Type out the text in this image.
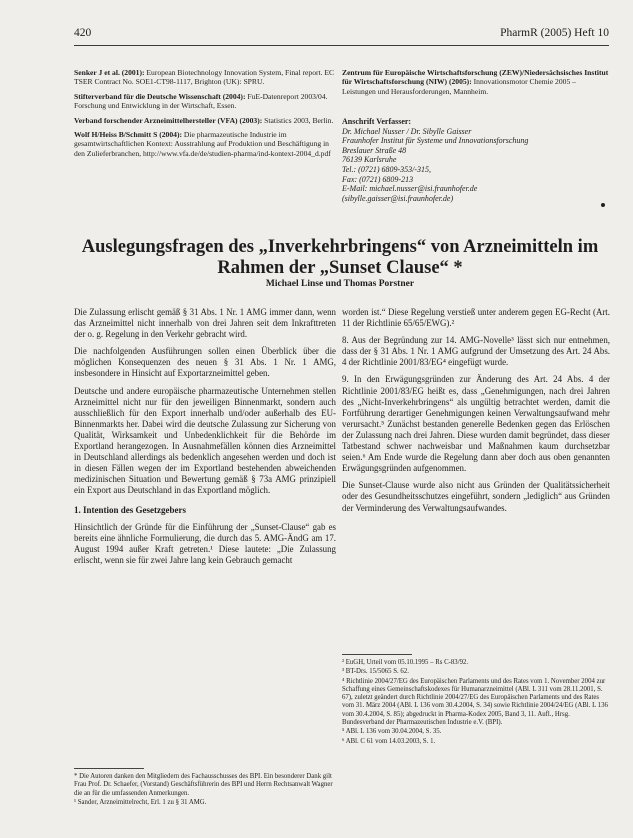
420	PharmR (2005) Heft 10

Senker J et al. (2001): European Biotechnology Innovation System, Final report. EC TSER Contract No. SOE1-CT98-1117, Brighton (UK): SPRU.

Stifterverband für die Deutsche Wissenschaft (2004): FuE-Datenreport 2003/04. Forschung und Entwicklung in der Wirtschaft, Essen.

Verband forschender Arzneimittelhersteller (VFA) (2003): Statistics 2003, Berlin.

Wolf H/Heiss B/Schmitt S (2004): Die pharmazeutische Industrie im gesamtwirtschaftlichen Kontext: Ausstrahlung auf Produktion und Beschäftigung in den Zulieferbranchen, http://www.vfa.de/de/studien-pharma/ind-kontext-2004_d.pdf

Zentrum für Europäische Wirtschaftsforschung (ZEW)/Niedersächsisches Institut für Wirtschaftsforschung (NIW) (2005): Innovationsmotor Chemie 2005 – Leistungen und Herausforderungen, Mannheim.

Anschrift Verfasser:
Dr. Michael Nusser / Dr. Sibylle Gaisser
Fraunhofer Institut für Systeme und Innovationsforschung
Breslauer Straße 48
76139 Karlsruhe
Tel.: (0721) 6809-353/-315,
Fax: (0721) 6809-213
E-Mail: michael.nusser@isi.fraunhofer.de
(sibylle.gaisser@isi.fraunhofer.de)
Auslegungsfragen des „Inverkehrbringens“ von Arzneimitteln im
Rahmen der „Sunset Clause“ *
Michael Linse und Thomas Porstner

Die Zulassung erlischt gemäß § 31 Abs. 1 Nr. 1 AMG immer dann, wenn das Arzneimittel nicht innerhalb von drei Jahren seit dem Inkrafttreten der o. g. Regelung in den Verkehr gebracht wird.

Die nachfolgenden Ausführungen sollen einen Überblick über die möglichen Konsequenzen des neuen § 31 Abs. 1 Nr. 1 AMG, insbesondere in Hinsicht auf Exportarzneimittel geben.

Deutsche und andere europäische pharmazeutische Unternehmen stellen Arzneimittel nicht nur für den jeweiligen Binnenmarkt, sondern auch ausschließlich für den Export innerhalb und/oder außerhalb des EU-Binnenmarkts her. Dabei wird die deutsche Zulassung zur Sicherung von Qualität, Wirksamkeit und Unbedenklichkeit für die Behörde im Exportland herangezogen. In Ausnahmefällen können dies Arzneimittel in Deutschland allerdings als bedenklich angesehen werden und doch ist in diesen Fällen wegen der im Exportland bestehenden abweichenden medizinischen Situation und Bewertung gemäß § 73a AMG prinzipiell ein Export aus Deutschland in das Exportland möglich.

1. Intention des Gesetzgebers

Hinsichtlich der Gründe für die Einführung der „Sunset-Clause“ gab es bereits eine ähnliche Formulierung, die durch das 5. AMG-ÄndG am 17. August 1994 außer Kraft getreten.¹ Diese lautete: „Die Zulassung erlischt, wenn sie für zwei Jahre lang kein Gebrauch gemacht

worden ist.“ Diese Regelung verstieß unter anderem gegen EG-Recht (Art. 11 der Richtlinie 65/65/EWG).²

8. Aus der Begründung zur 14. AMG-Novelle³ lässt sich nur entnehmen, dass der § 31 Abs. 1 Nr. 1 AMG aufgrund der Umsetzung des Art. 24 Abs. 4 der Richtlinie 2001/83/EG⁴ eingefügt wurde.

9. In den Erwägungsgründen zur Änderung des Art. 24 Abs. 4 der Richtlinie 2001/83/EG heißt es, dass „Genehmigungen, nach drei Jahren des „Nicht-Inverkehrbringens“ als ungültig betrachtet werden, damit die Fortführung derartiger Genehmigungen keinen Verwaltungsaufwand mehr verursacht.⁵ Zunächst bestanden generelle Bedenken gegen das Erlöschen der Zulassung nach drei Jahren. Diese wurden damit begründet, dass dieser Tatbestand schwer nachweisbar und Maßnahmen kaum durchsetzbar seien.⁶ Am Ende wurde die Regelung dann aber doch aus oben genannten Erwägungsgründen aufgenommen.

Die Sunset-Clause wurde also nicht aus Gründen der Qualitätssicherheit oder des Gesundheitsschutzes eingeführt, sondern „lediglich“ aus Gründen der Verminderung des Verwaltungsaufwandes.

* Die Autoren danken den Mitgliedern des Fachausschusses des BPI. Ein besonderer Dank gilt Frau Prof. Dr. Schaefer, (Vorstand) Geschäftsführerin des BPI und Herrn Rechtsanwalt Wagner die an für die umfassenden Anmerkungen.

¹ Sander, Arzneimittelrecht, Erl. 1 zu § 31 AMG.

² EuGH, Urteil vom 05.10.1995 – Rs C-83/92.

³ BT-Drs. 15/5065 S. 62.

⁴ Richtlinie 2004/27/EG des Europäischen Parlaments und des Rates vom 1. November 2004 zur Schaffung eines Gemeinschaftskodexes für Humanarzneimittel (ABl. L 311 vom 28.11.2001, S. 67), zuletzt geändert durch Richtlinie 2004/27/EG des Europäischen Parlaments und des Rates vom 31. März 2004 (ABl. L 136 vom 30.4.2004, S. 34) sowie Richtlinie 2004/24/EG (ABl. L 136 vom 30.4.2004, S. 85); abgedruckt in Pharma-Kodex 2005, Band 3, 11. Aufl., Hrsg. Bundesverband der Pharmazeutischen Industrie e.V. (BPI).

⁵ ABl. L 136 vom 30.04.2004, S. 35.

⁶ ABl. C 61 vom 14.03.2003, S. 1.
